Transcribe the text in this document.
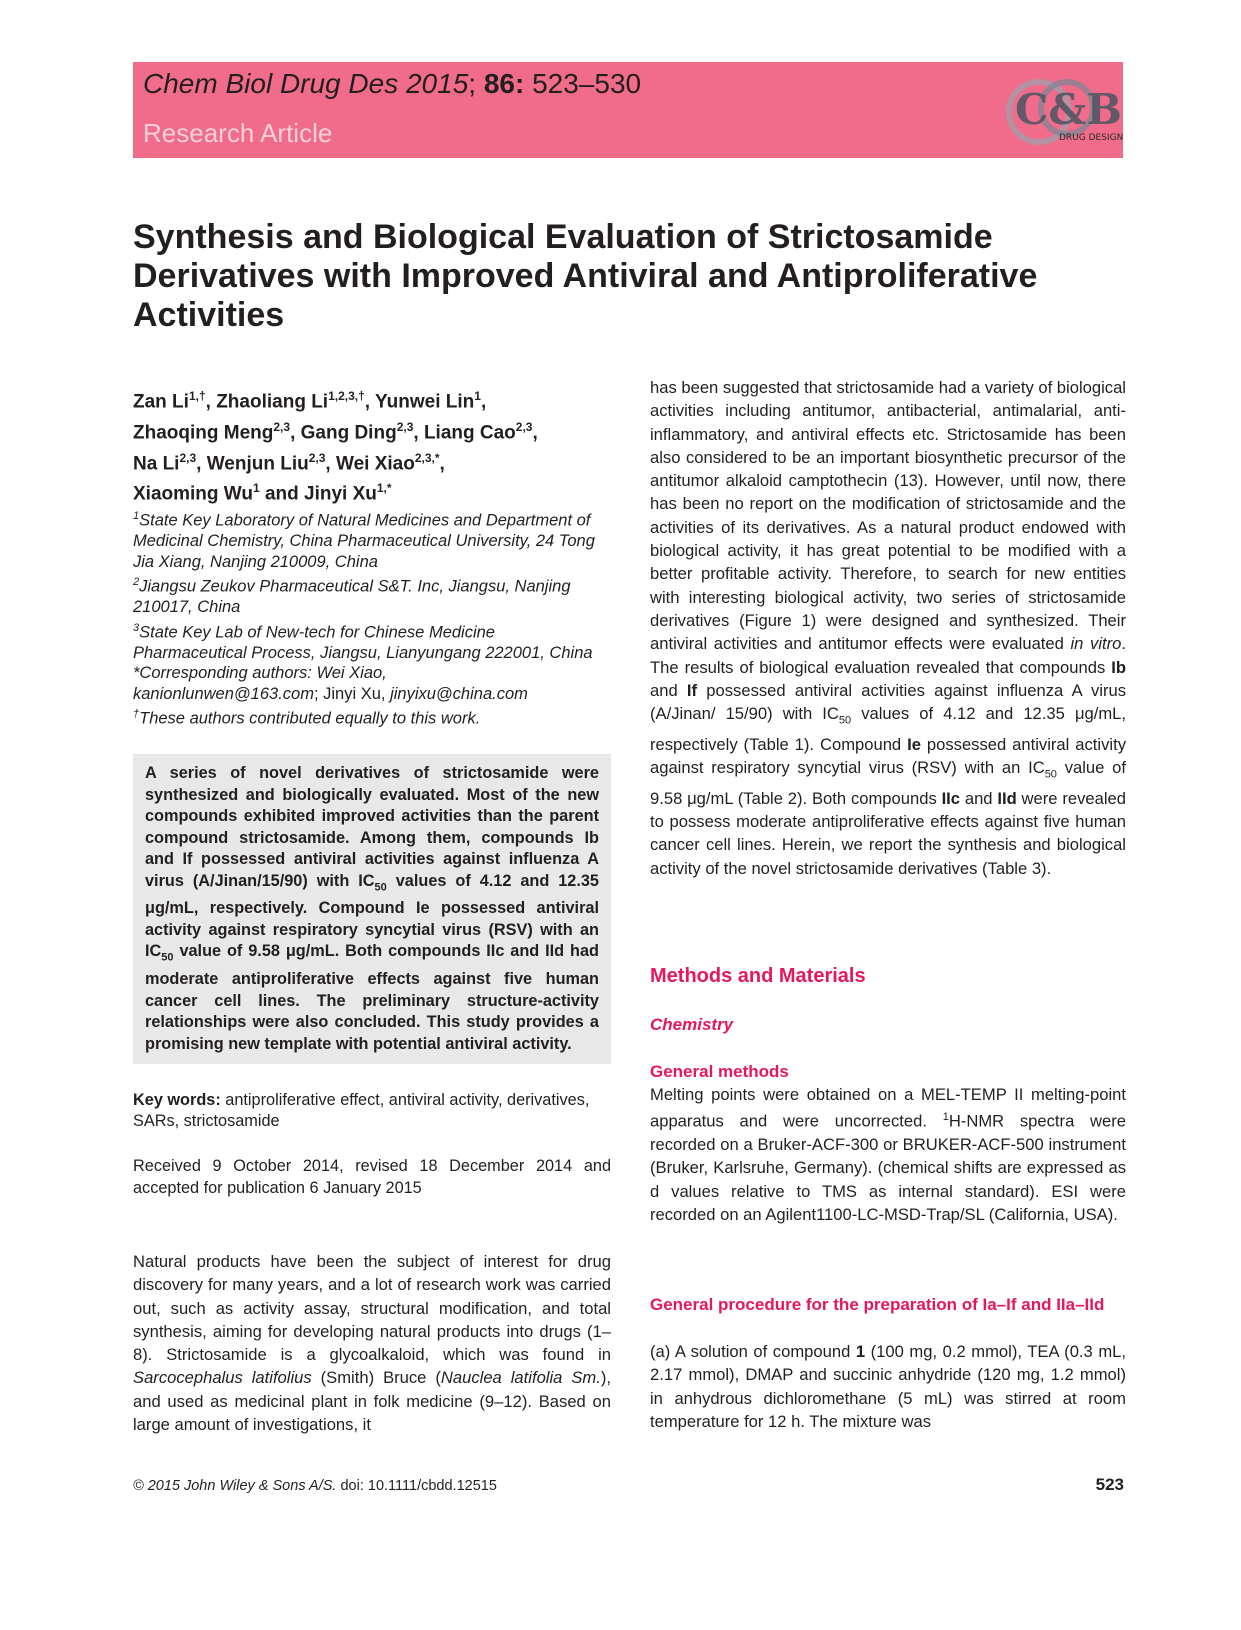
Chem Biol Drug Des 2015; 86: 523–530
Research Article	C&B
DRUG DESIGN
Synthesis and Biological Evaluation of Strictosamide Derivatives with Improved Antiviral and Antiproliferative Activities
Zan $Li^{1,\dagger}$, Zhaoliang $Li^{1,2,3,\dagger}$, Yunwei Lin$^1$,
Zhaoqing Meng$^{2,3}$, Gang Ding$^{2,3}$, Liang Cao$^{2,3}$,
Na Li$^{2,3}$, Wenjun Liu$^{2,3}$, Wei Xiao$^{2,3,*}$,
Xiaoming Wu$^1$ and Jinyi $Xu^{1,*}$
$^1$State Key Laboratory of Natural Medicines and Department of Medicinal Chemistry, China Pharmaceutical University, 24 Tong Jia Xiang, Nanjing 210009, China
$^2$Jiangsu Zeukov Pharmaceutical S&T. Inc, Jiangsu, Nanjing 210017, China
$^3$State Key Lab of New-tech for Chinese Medicine Pharmaceutical Process, Jiangsu, Lianyungang 222001, China
*Corresponding authors: Wei Xiao,
kanionlunwen@163.com; Jinyi Xu, jinyixu@china.com
†These authors contributed equally to this work.

A series of novel derivatives of strictosamide were synthesized and biologically evaluated. Most of the new compounds exhibited improved activities than the parent compound strictosamide. Among them, compounds Ib and If possessed antiviral activities against influenza A virus (A/Jinan/15/90) with $IC_{50}$ values of 4.12 and 12.35 μg/mL, respectively. Compound Ie possessed antiviral activity against respiratory syncytial virus (RSV) with an $IC_{50}$ value of 9.58 μg/mL. Both compounds IIc and IId had moderate antiproliferative effects against five human cancer cell lines. The preliminary structure-activity relationships were also concluded. This study provides a promising new template with potential antiviral activity.

Key words: antiproliferative effect, antiviral activity, derivatives, SARs, strictosamide
Received 9 October 2014, revised 18 December 2014 and accepted for publication 6 January 2015

Natural products have been the subject of interest for drug discovery for many years, and a lot of research work was carried out, such as activity assay, structural modification, and total synthesis, aiming for developing natural products into drugs (1–8). Strictosamide is a glycoalkaloid, which was found in Sarcocephalus latifolius (Smith) Bruce (Nauclea latifolia Sm.), and used as medicinal plant in folk medicine (9–12). Based on large amount of investigations, it

has been suggested that strictosamide had a variety of biological activities including antitumor, antibacterial, antimalarial, anti-inflammatory, and antiviral effects etc. Strictosamide has been also considered to be an important biosynthetic precursor of the antitumor alkaloid camptothecin (13). However, until now, there has been no report on the modification of strictosamide and the activities of its derivatives. As a natural product endowed with biological activity, it has great potential to be modified with a better profitable activity. Therefore, to search for new entities with interesting biological activity, two series of strictosamide derivatives (Figure 1) were designed and synthesized. Their antiviral activities and antitumor effects were evaluated in vitro. The results of biological evaluation revealed that compounds Ib and If possessed antiviral activities against influenza A virus (A/Jinan/ 15/90) with $IC_{50}$ values of 4.12 and 12.35 μg/mL, respectively (Table 1). Compound Ie possessed antiviral activity against respiratory syncytial virus (RSV) with an $IC_{50}$ value of 9.58 μg/mL (Table 2). Both compounds IIc and IId were revealed to possess moderate antiproliferative effects against five human cancer cell lines. Herein, we report the synthesis and biological activity of the novel strictosamide derivatives (Table 3).

Methods and Materials
Chemistry
General methods

Melting points were obtained on a MEL-TEMP II melting-point apparatus and were uncorrected. $^1$H-NMR spectra were recorded on a Bruker-ACF-300 or BRUKER-ACF-500 instrument (Bruker, Karlsruhe, Germany). (chemical shifts are expressed as d values relative to TMS as internal standard). ESI were recorded on an Agilent1100-LC-MSD-Trap/SL (California, USA).

General procedure for the preparation of Ia–If and IIa–IId

(a) A solution of compound 1 (100 mg, 0.2 mmol), TEA (0.3 mL, 2.17 mmol), DMAP and succinic anhydride (120 mg, 1.2 mmol) in anhydrous dichloromethane (5 mL) was stirred at room temperature for 12 h. The mixture was

© 2015 John Wiley & Sons A/S. doi: 10.1111/cbdd.12515	523
